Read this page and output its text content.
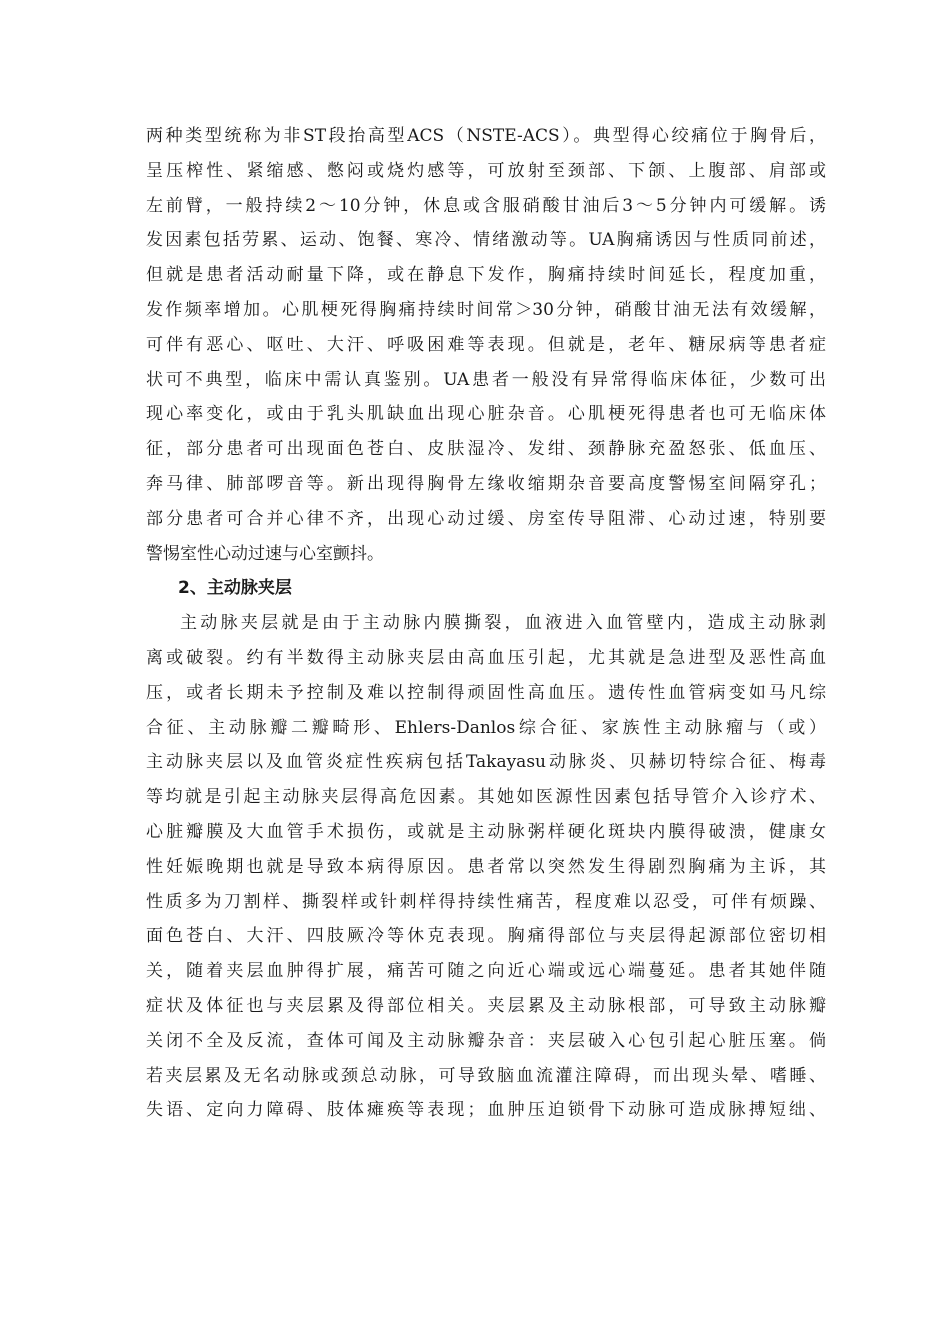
两种类型统称为非ST段抬高型ACS（NSTE-ACS）。典型得心绞痛位于胸骨后，
呈压榨性、紧缩感、憋闷或烧灼感等，可放射至颈部、下颌、上腹部、肩部或
左前臂，一般持续2～10分钟，休息或含服硝酸甘油后3～5分钟内可缓解。诱
发因素包括劳累、运动、饱餐、寒冷、情绪激动等。UA胸痛诱因与性质同前述，
但就是患者活动耐量下降，或在静息下发作，胸痛持续时间延长，程度加重，
发作频率增加。心肌梗死得胸痛持续时间常＞30分钟，硝酸甘油无法有效缓解，
可伴有恶心、呕吐、大汗、呼吸困难等表现。但就是，老年、糖尿病等患者症
状可不典型，临床中需认真鉴别。UA患者一般没有异常得临床体征，少数可出
现心率变化，或由于乳头肌缺血出现心脏杂音。心肌梗死得患者也可无临床体
征，部分患者可出现面色苍白、皮肤湿冷、发绀、颈静脉充盈怒张、低血压、
奔马律、肺部啰音等。新出现得胸骨左缘收缩期杂音要高度警惕室间隔穿孔；
部分患者可合并心律不齐，出现心动过缓、房室传导阻滞、心动过速，特别要
警惕室性心动过速与心室颤抖。
2、主动脉夹层
主动脉夹层就是由于主动脉内膜撕裂，血液进入血管壁内，造成主动脉剥
离或破裂。约有半数得主动脉夹层由高血压引起，尤其就是急进型及恶性高血
压，或者长期未予控制及难以控制得顽固性高血压。遗传性血管病变如马凡综
合征、主动脉瓣二瓣畸形、Ehlers-Danlos综合征、家族性主动脉瘤与（或）
主动脉夹层以及血管炎症性疾病包括Takayasu动脉炎、贝赫切特综合征、梅毒
等均就是引起主动脉夹层得高危因素。其她如医源性因素包括导管介入诊疗术、
心脏瓣膜及大血管手术损伤，或就是主动脉粥样硬化斑块内膜得破溃，健康女
性妊娠晚期也就是导致本病得原因。患者常以突然发生得剧烈胸痛为主诉，其
性质多为刀割样、撕裂样或针刺样得持续性痛苦，程度难以忍受，可伴有烦躁、
面色苍白、大汗、四肢厥冷等休克表现。胸痛得部位与夹层得起源部位密切相
关，随着夹层血肿得扩展，痛苦可随之向近心端或远心端蔓延。患者其她伴随
症状及体征也与夹层累及得部位相关。夹层累及主动脉根部，可导致主动脉瓣
关闭不全及反流，查体可闻及主动脉瓣杂音：夹层破入心包引起心脏压塞。倘
若夹层累及无名动脉或颈总动脉，可导致脑血流灌注障碍，而出现头晕、嗜睡、
失语、定向力障碍、肢体瘫痪等表现；血肿压迫锁骨下动脉可造成脉搏短绌、
